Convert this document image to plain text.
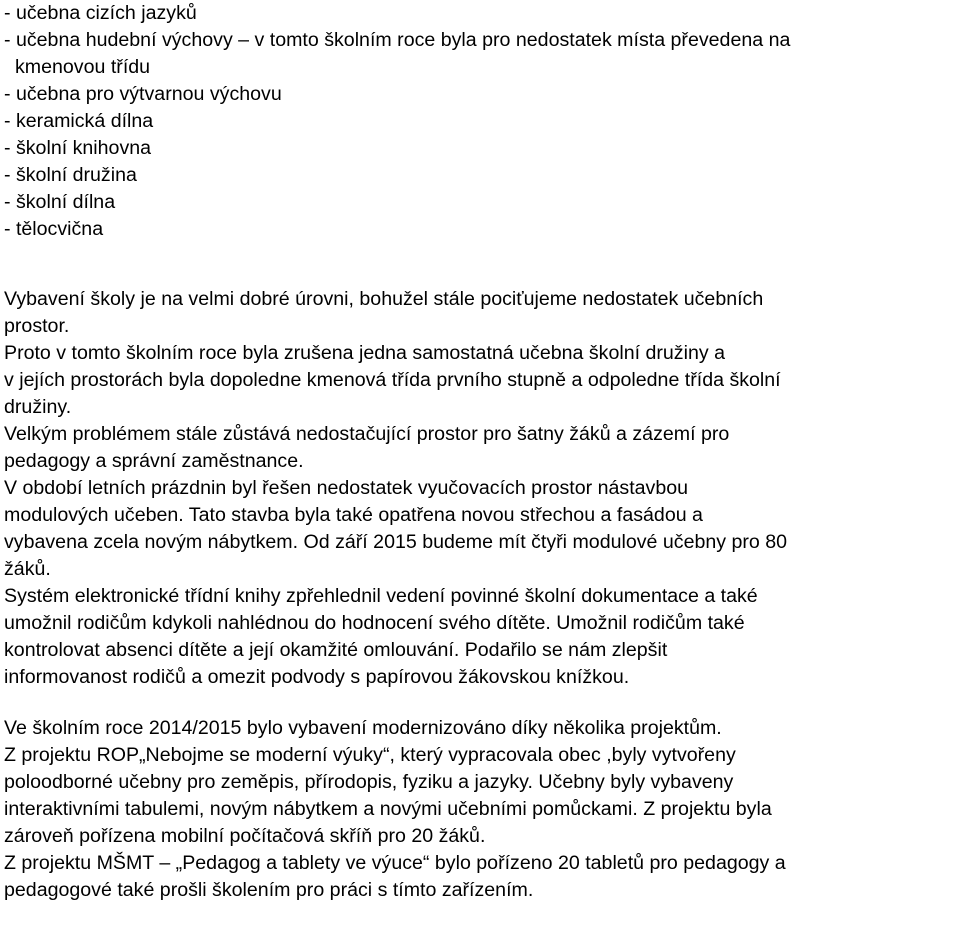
- učebna cizích jazyků
- učebna hudební výchovy – v tomto školním roce byla pro nedostatek místa převedena na
kmenovou třídu
- učebna pro výtvarnou výchovu
- keramická dílna
- školní knihovna
- školní družina
- školní dílna
- tělocvična
Vybavení školy je na velmi dobré úrovni, bohužel stále pociťujeme nedostatek učebních
prostor.
Proto v tomto školním roce byla zrušena jedna samostatná učebna školní družiny a
v jejích prostorách byla dopoledne kmenová třída prvního stupně a odpoledne třída školní
družiny.
Velkým problémem stále zůstává nedostačující prostor pro šatny žáků a zázemí pro
pedagogy a správní zaměstnance.
V období letních prázdnin byl řešen nedostatek vyučovacích prostor nástavbou
modulových učeben. Tato stavba byla také opatřena novou střechou a fasádou a
vybavena zcela novým nábytkem. Od září 2015 budeme mít čtyři modulové učebny pro 80
žáků.
Systém elektronické třídní knihy zpřehlednil vedení povinné školní dokumentace a také
umožnil rodičům kdykoli nahlédnou do hodnocení svého dítěte. Umožnil rodičům také
kontrolovat absenci dítěte a její okamžité omlouvání. Podařilo se nám zlepšit
informovanost rodičů a omezit podvody s papírovou žákovskou knížkou.
Ve školním roce 2014/2015 bylo vybavení modernizováno díky několika projektům.
Z projektu ROP„Nebojme se moderní výuky“, který vypracovala obec ,byly vytvořeny
poloodborné učebny pro zeměpis, přírodopis, fyziku a jazyky. Učebny byly vybaveny
interaktivními tabulemi, novým nábytkem a novými učebními pomůckami. Z projektu byla
zároveň pořízena mobilní počítačová skříň pro 20 žáků.
Z projektu MŠMT – „Pedagog a tablety ve výuce“ bylo pořízeno 20 tabletů pro pedagogy a
pedagogové také prošli školením pro práci s tímto zařízením.
